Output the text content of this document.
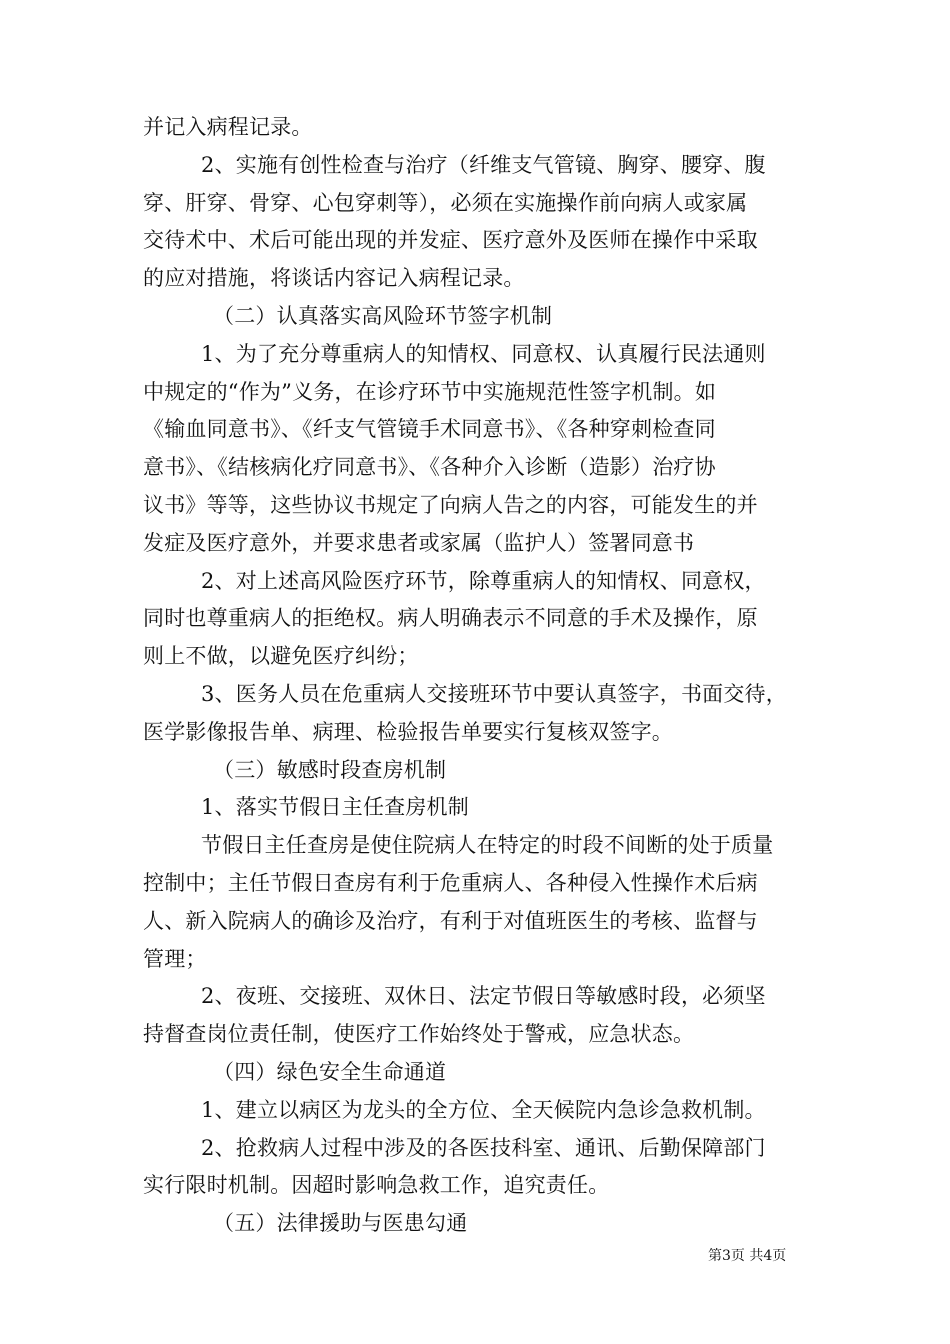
并记入病程记录。
2、实施有创性检查与治疗（纤维支气管镜、胸穿、腰穿、腹
穿、肝穿、骨穿、心包穿刺等），必须在实施操作前向病人或家属
交待术中、术后可能出现的并发症、医疗意外及医师在操作中采取
的应对措施，将谈话内容记入病程记录。
（二）认真落实高风险环节签字机制
1、为了充分尊重病人的知情权、同意权、认真履行民法通则
中规定的“作为”义务，在诊疗环节中实施规范性签字机制。如
《输血同意书》、《纤支气管镜手术同意书》、《各种穿刺检查同
意书》、《结核病化疗同意书》、《各种介入诊断（造影）治疗协
议书》等等，这些协议书规定了向病人告之的内容，可能发生的并
发症及医疗意外，并要求患者或家属（监护人）签署同意书
2、对上述高风险医疗环节，除尊重病人的知情权、同意权，
同时也尊重病人的拒绝权。病人明确表示不同意的手术及操作，原
则上不做，以避免医疗纠纷；
3、医务人员在危重病人交接班环节中要认真签字，书面交待，
医学影像报告单、病理、检验报告单要实行复核双签字。
（三）敏感时段查房机制
1、落实节假日主任查房机制
节假日主任查房是使住院病人在特定的时段不间断的处于质量
控制中；主任节假日查房有利于危重病人、各种侵入性操作术后病
人、新入院病人的确诊及治疗，有利于对值班医生的考核、监督与
管理；
2、夜班、交接班、双休日、法定节假日等敏感时段，必须坚
持督查岗位责任制，使医疗工作始终处于警戒，应急状态。
（四）绿色安全生命通道
1、建立以病区为龙头的全方位、全天候院内急诊急救机制。
2、抢救病人过程中涉及的各医技科室、通讯、后勤保障部门
实行限时机制。因超时影响急救工作，追究责任。
（五）法律援助与医患勾通
第3页 共4页
